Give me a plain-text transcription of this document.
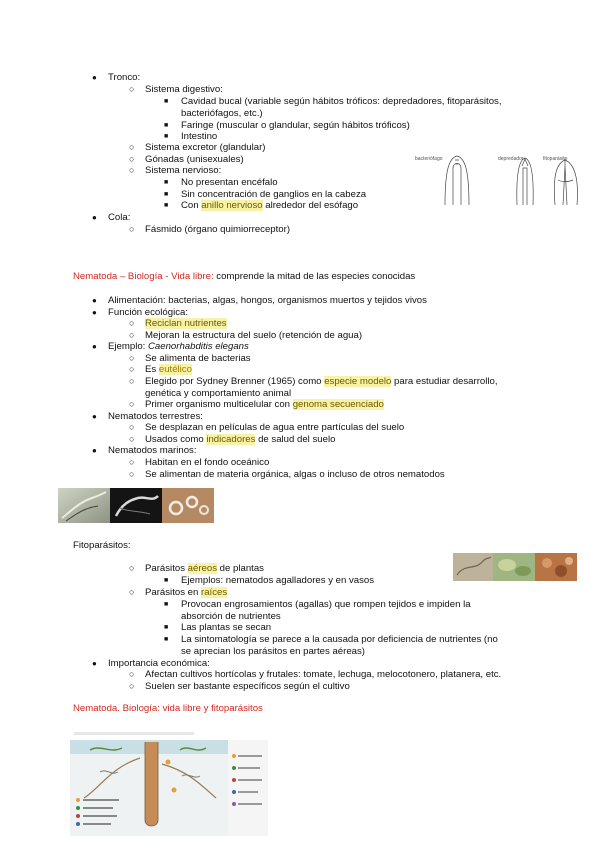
● Tronco:
○ Sistema digestivo:
■ Cavidad bucal (variable según hábitos tróficos: depredadores, fitoparásitos,
bacteriófagos, etc.)
■ Faringe (muscular o glandular, según hábitos tróficos)
■ Intestino
○ Sistema excretor (glandular)
○ Gónadas (unisexuales)
○ Sistema nervioso:
■ No presentan encéfalo
■ Sin concentración de ganglios en la cabeza
■ Con anillo nervioso alrededor del esófago
● Cola:
○ Fásmido (órgano quimiorreceptor)
bacteriófago	depredador	fitoparásito
Nematoda – Biología - Vida libre: comprende la mitad de las especies conocidas
● Alimentación: bacterias, algas, hongos, organismos muertos y tejidos vivos
● Función ecológica:
○ Reciclan nutrientes
○ Mejoran la estructura del suelo (retención de agua)
● Ejemplo: Caenorhabditis elegans
○ Se alimenta de bacterias
○ Es eutélico
○ Elegido por Sydney Brenner (1965) como especie modelo para estudiar desarrollo,
genética y comportamiento animal
○ Primer organismo multicelular con genoma secuenciado
● Nematodos terrestres:
○ Se desplazan en películas de agua entre partículas del suelo
○ Usados como indicadores de salud del suelo
● Nematodos marinos:
○ Habitan en el fondo oceánico
○ Se alimentan de materia orgánica, algas o incluso de otros nematodos
Fitoparásitos:
○ Parásitos aéreos de plantas
■ Ejemplos: nematodos agalladores y en vasos
○ Parásitos en raíces
■ Provocan engrosamientos (agallas) que rompen tejidos e impiden la
absorción de nutrientes
■ Las plantas se secan
■ La sintomatología se parece a la causada por deficiencia de nutrientes (no
se aprecian los parásitos en partes aéreas)
● Importancia económica:
○ Afectan cultivos hortícolas y frutales: tomate, lechuga, melocotonero, platanera, etc.
○ Suelen ser bastante específicos según el cultivo
Nematoda. Biología: vida libre y fitoparásitos
